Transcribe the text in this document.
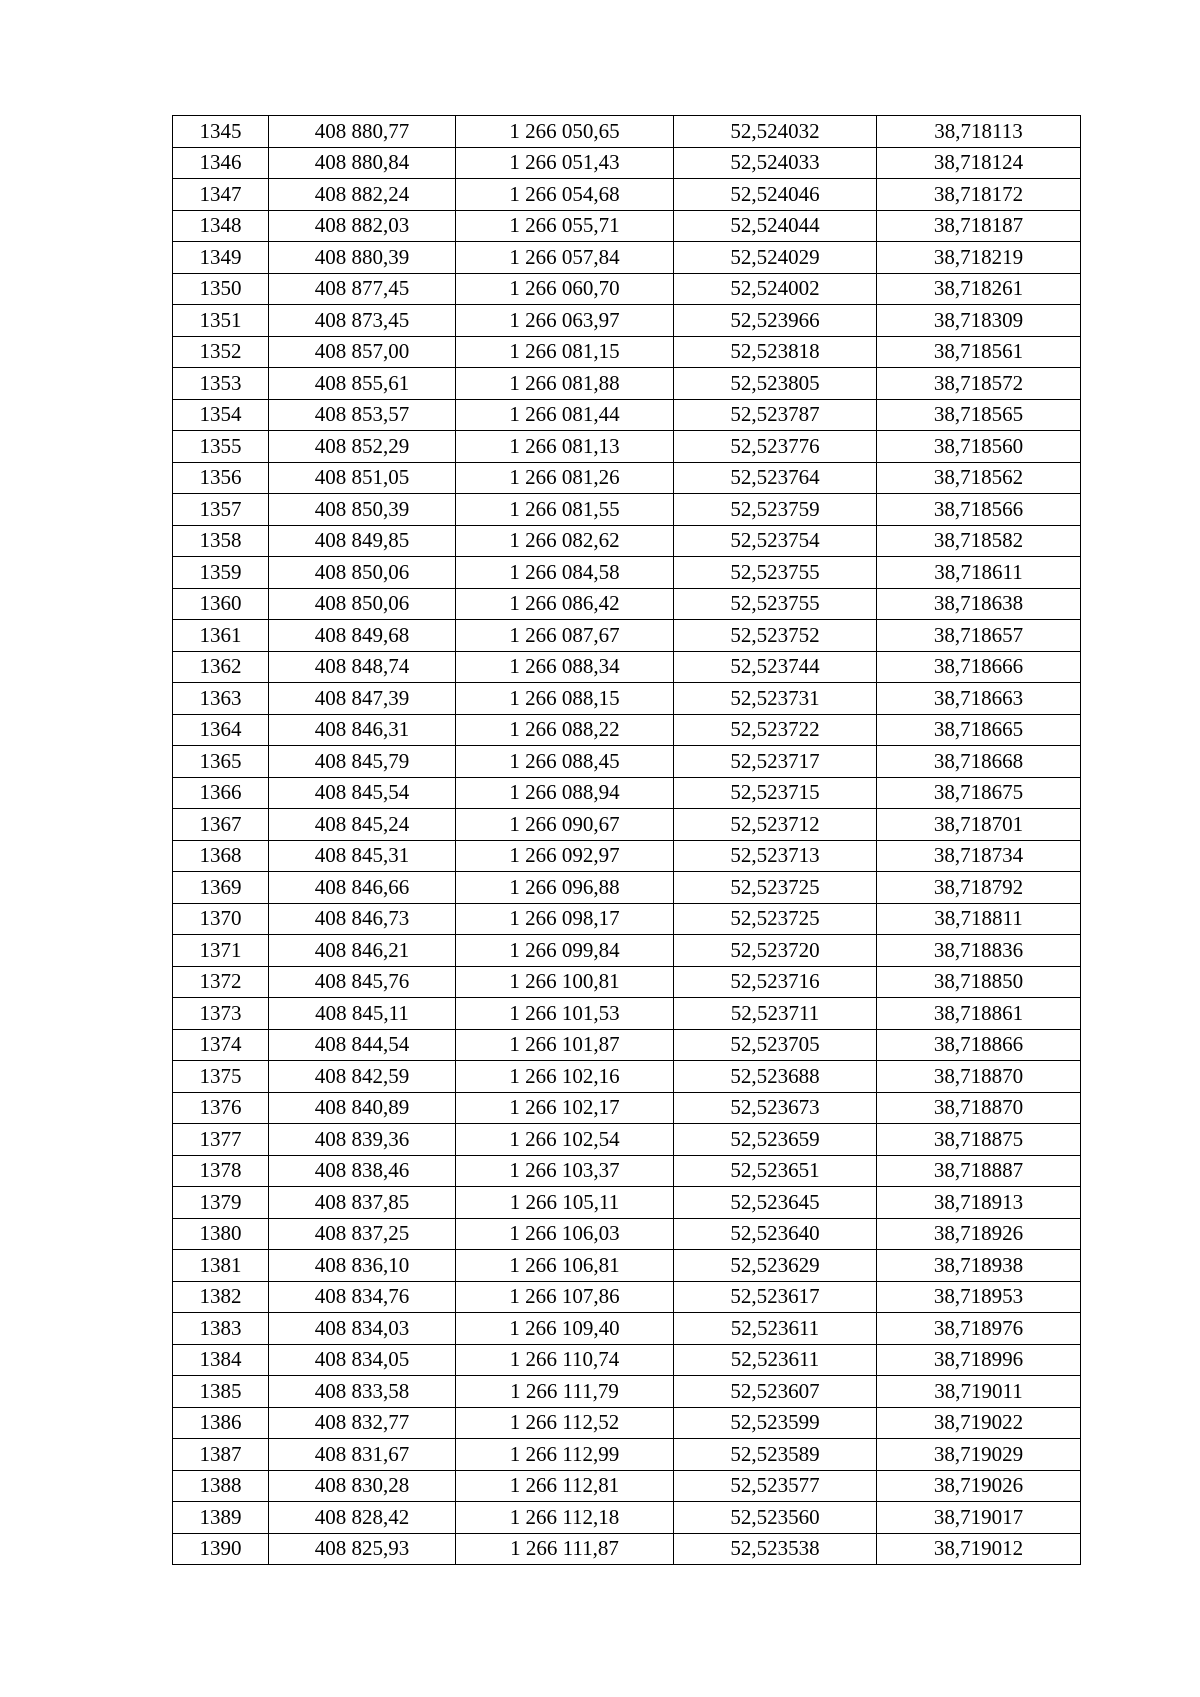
1345	408 880,77	1 266 050,65	52,524032	38,718113
1346	408 880,84	1 266 051,43	52,524033	38,718124
1347	408 882,24	1 266 054,68	52,524046	38,718172
1348	408 882,03	1 266 055,71	52,524044	38,718187
1349	408 880,39	1 266 057,84	52,524029	38,718219
1350	408 877,45	1 266 060,70	52,524002	38,718261
1351	408 873,45	1 266 063,97	52,523966	38,718309
1352	408 857,00	1 266 081,15	52,523818	38,718561
1353	408 855,61	1 266 081,88	52,523805	38,718572
1354	408 853,57	1 266 081,44	52,523787	38,718565
1355	408 852,29	1 266 081,13	52,523776	38,718560
1356	408 851,05	1 266 081,26	52,523764	38,718562
1357	408 850,39	1 266 081,55	52,523759	38,718566
1358	408 849,85	1 266 082,62	52,523754	38,718582
1359	408 850,06	1 266 084,58	52,523755	38,718611
1360	408 850,06	1 266 086,42	52,523755	38,718638
1361	408 849,68	1 266 087,67	52,523752	38,718657
1362	408 848,74	1 266 088,34	52,523744	38,718666
1363	408 847,39	1 266 088,15	52,523731	38,718663
1364	408 846,31	1 266 088,22	52,523722	38,718665
1365	408 845,79	1 266 088,45	52,523717	38,718668
1366	408 845,54	1 266 088,94	52,523715	38,718675
1367	408 845,24	1 266 090,67	52,523712	38,718701
1368	408 845,31	1 266 092,97	52,523713	38,718734
1369	408 846,66	1 266 096,88	52,523725	38,718792
1370	408 846,73	1 266 098,17	52,523725	38,718811
1371	408 846,21	1 266 099,84	52,523720	38,718836
1372	408 845,76	1 266 100,81	52,523716	38,718850
1373	408 845,11	1 266 101,53	52,523711	38,718861
1374	408 844,54	1 266 101,87	52,523705	38,718866
1375	408 842,59	1 266 102,16	52,523688	38,718870
1376	408 840,89	1 266 102,17	52,523673	38,718870
1377	408 839,36	1 266 102,54	52,523659	38,718875
1378	408 838,46	1 266 103,37	52,523651	38,718887
1379	408 837,85	1 266 105,11	52,523645	38,718913
1380	408 837,25	1 266 106,03	52,523640	38,718926
1381	408 836,10	1 266 106,81	52,523629	38,718938
1382	408 834,76	1 266 107,86	52,523617	38,718953
1383	408 834,03	1 266 109,40	52,523611	38,718976
1384	408 834,05	1 266 110,74	52,523611	38,718996
1385	408 833,58	1 266 111,79	52,523607	38,719011
1386	408 832,77	1 266 112,52	52,523599	38,719022
1387	408 831,67	1 266 112,99	52,523589	38,719029
1388	408 830,28	1 266 112,81	52,523577	38,719026
1389	408 828,42	1 266 112,18	52,523560	38,719017
1390	408 825,93	1 266 111,87	52,523538	38,719012
